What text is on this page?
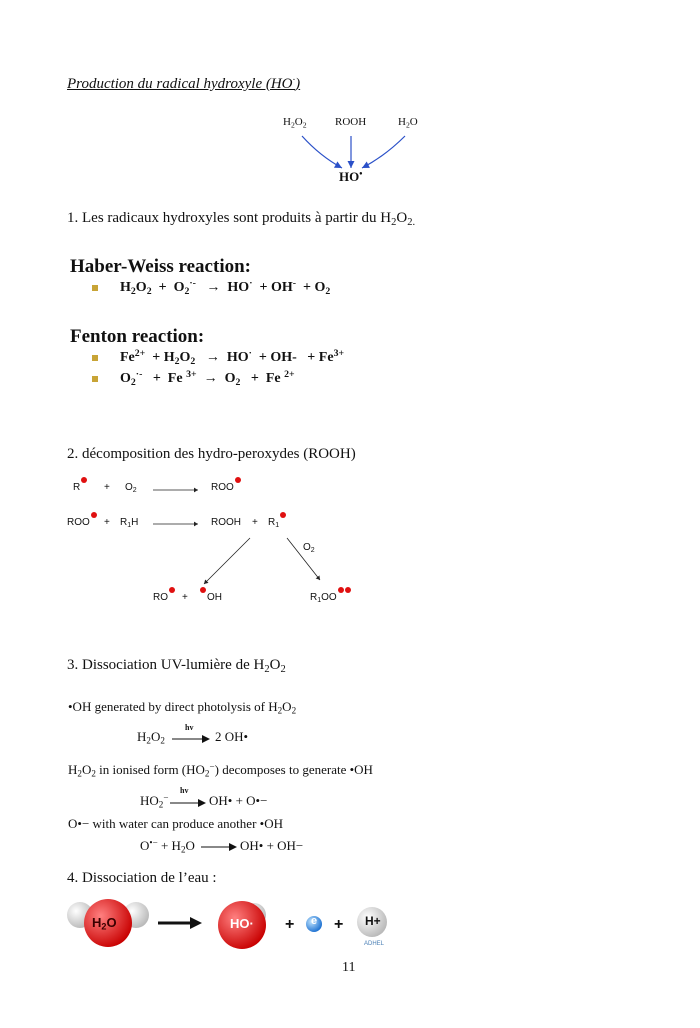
Production du radical hydroxyle (HO·)
$H_2O_2$	ROOH	$H_2O$
HO•
1. Les radicaux hydroxyles sont produits à partir du $H_2O_{2.}$
Haber-Weiss reaction:
$H_2O_2 + O_2^{\cdot-} \to HO^\cdot + OH^- + O_2$
Fenton reaction:
$Fe^{2+} + H_2O_2 \to HO^\cdot + OH- + Fe^{3+}$
$O_2^{\cdot-} + Fe$ $^{3+} \to O_2 + Fe$ $^{2+}$
2. décomposition des hydro-peroxydes (ROOH)
R	+ $O_2$	ROO
ROO	+ $R_1H$	ROOH + $R_1$
$O_2$
RO	+	OH	$R_1OO$
3. Dissociation UV-lumière de $H_2O_2$
•OH generated by direct photolysis of $H_2O_2$
$H_2O_2$
hv
2 OH•
$H_2O_2$ in ionised form $(HO_2^-)$ decomposes to generate •OH
$HO_2^-$
hv
OH• + O•−
O•− with water can produce another •OH
$O^{•-} + H_2O$	OH• + OH−
4. Dissociation de l’eau :
+ +
$H_2O$	HO·	e	H+
ADHEL
11
